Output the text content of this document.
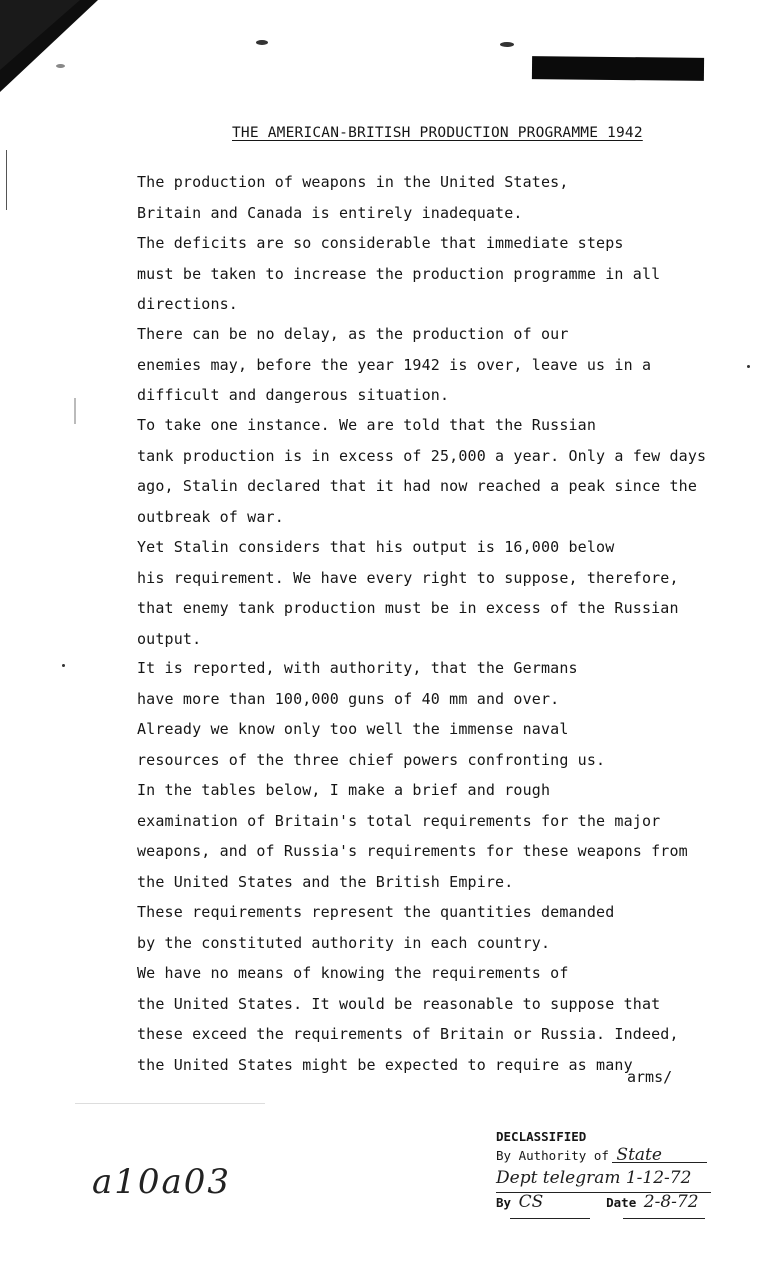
THE AMERICAN-BRITISH PRODUCTION PROGRAMME 1942
The production of weapons in the United States,
Britain and Canada is entirely inadequate.
The deficits are so considerable that immediate steps
must be taken to increase the production programme in all
directions.
There can be no delay, as the production of our
enemies may, before the year 1942 is over, leave us in a
difficult and dangerous situation.
To take one instance. We are told that the Russian
tank production is in excess of 25,000 a year. Only a few days
ago, Stalin declared that it had now reached a peak since the
outbreak of war.
Yet Stalin considers that his output is 16,000 below
his requirement. We have every right to suppose, therefore,
that enemy tank production must be in excess of the Russian
output.
It is reported, with authority, that the Germans
have more than 100,000 guns of 40 mm and over.
Already we know only too well the immense naval
resources of the three chief powers confronting us.
In the tables below, I make a brief and rough
examination of Britain's total requirements for the major
weapons, and of Russia's requirements for these weapons from
the United States and the British Empire.
These requirements represent the quantities demanded
by the constituted authority in each country.
We have no means of knowing the requirements of
the United States. It would be reasonable to suppose that
these exceed the requirements of Britain or Russia. Indeed,
the United States might be expected to require as many
arms/
a10a03
DECLASSIFIED
By Authority of State
Dept telegram 1-12-72
By CS	Date 2-8-72
